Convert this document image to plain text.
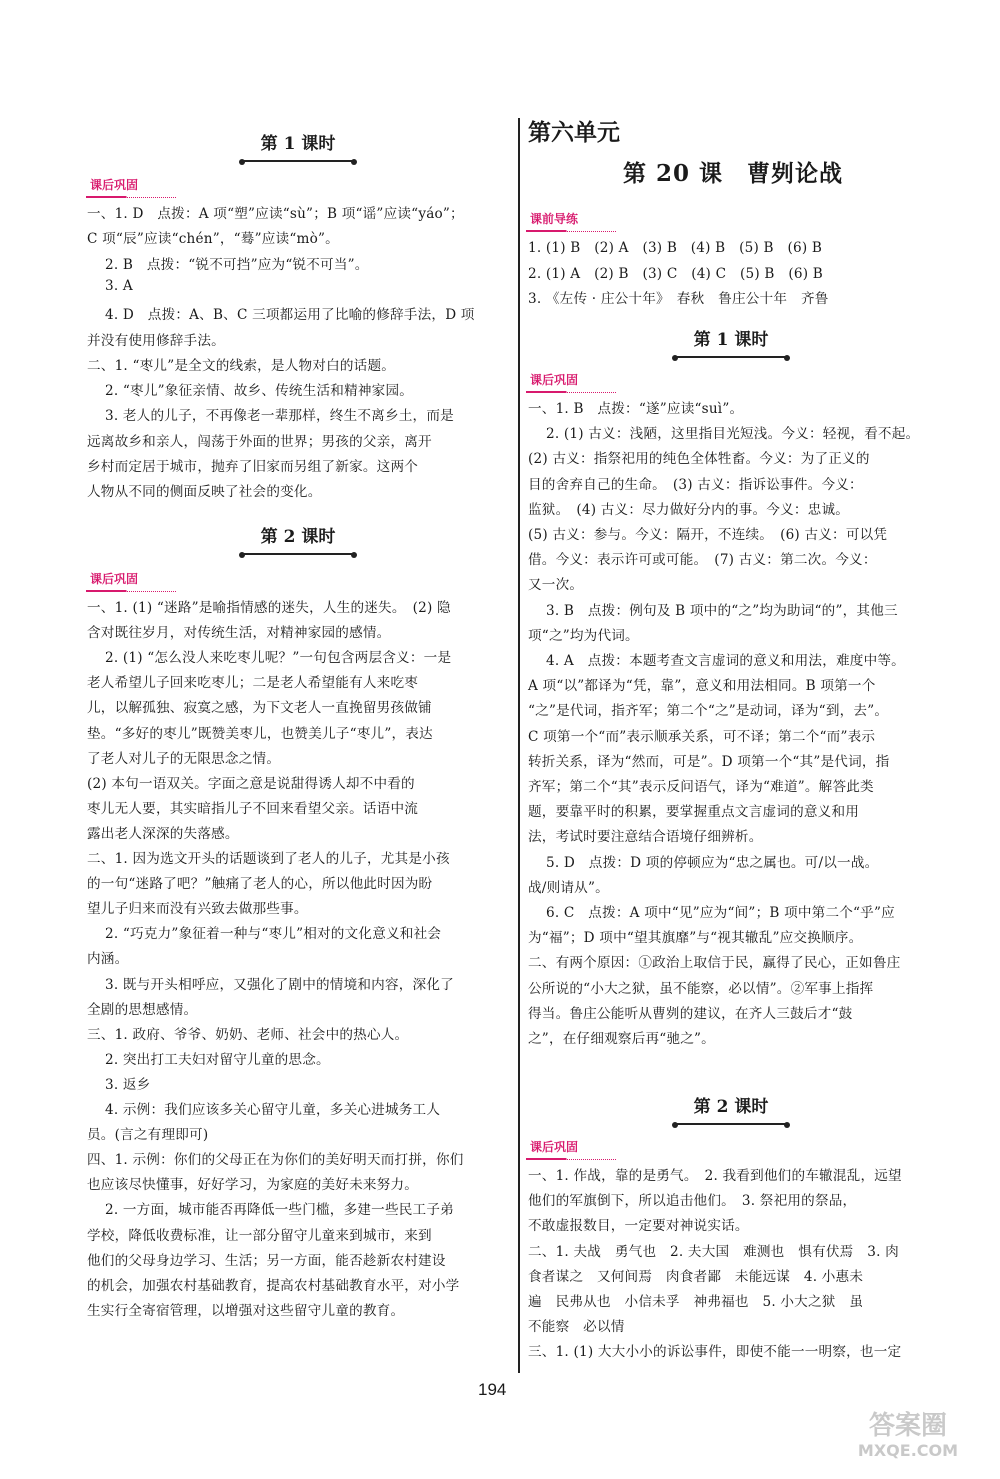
第 1 课时
课后巩固
一、1. D　点拨：A 项“塑”应读“sù”；B 项“谣”应读“yáo”；
C 项“辰”应读“chén”，“蓦”应读“mò”。
2. B　点拨：“锐不可挡”应为“锐不可当”。
3. A
4. D　点拨：A、B、C 三项都运用了比喻的修辞手法，D 项
并没有使用修辞手法。
二、1. “枣儿”是全文的线索，是人物对白的话题。
2. “枣儿”象征亲情、故乡、传统生活和精神家园。
3. 老人的儿子，不再像老一辈那样，终生不离乡土，而是
远离故乡和亲人，闯荡于外面的世界；男孩的父亲，离开
乡村而定居于城市，抛弃了旧家而另组了新家。这两个
人物从不同的侧面反映了社会的变化。
第 2 课时
课后巩固
一、1. (1) “迷路”是喻指情感的迷失，人生的迷失。　(2) 隐
含对既往岁月，对传统生活，对精神家园的感情。
2. (1) “怎么没人来吃枣儿呢？”一句包含两层含义：一是
老人希望儿子回来吃枣儿；二是老人希望能有人来吃枣
儿，以解孤独、寂寞之感，为下文老人一直挽留男孩做铺
垫。“多好的枣儿”既赞美枣儿，也赞美儿子“枣儿”，表达
了老人对儿子的无限思念之情。
(2) 本句一语双关。字面之意是说甜得诱人却不中看的
枣儿无人要，其实暗指儿子不回来看望父亲。话语中流
露出老人深深的失落感。
二、1. 因为选文开头的话题谈到了老人的儿子，尤其是小孩
的一句“迷路了吧？”触痛了老人的心，所以他此时因为盼
望儿子归来而没有兴致去做那些事。
2. “巧克力”象征着一种与“枣儿”相对的文化意义和社会
内涵。
3. 既与开头相呼应，又强化了剧中的情境和内容，深化了
全剧的思想感情。
三、1. 政府、爷爷、奶奶、老师、社会中的热心人。
2. 突出打工夫妇对留守儿童的思念。
3. 返乡
4. 示例：我们应该多关心留守儿童，多关心进城务工人
员。(言之有理即可)
四、1. 示例：你们的父母正在为你们的美好明天而打拼，你们
也应该尽快懂事，好好学习，为家庭的美好未来努力。
2. 一方面，城市能否再降低一些门槛，多建一些民工子弟
学校，降低收费标准，让一部分留守儿童来到城市，来到
他们的父母身边学习、生活；另一方面，能否趁新农村建设
的机会，加强农村基础教育，提高农村基础教育水平，对小学
生实行全寄宿管理，以增强对这些留守儿童的教育。
第六单元
第 20 课　曹刿论战
课前导练
1. (1) B　(2) A　(3) B　(4) B　(5) B　(6) B
2. (1) A　(2) B　(3) C　(4) C　(5) B　(6) B
3. 《左传 · 庄公十年》　春秋　鲁庄公十年　齐鲁
第 1 课时
课后巩固
一、1. B　点拨：“遂”应读“suì”。
2. (1) 古义：浅陋，这里指目光短浅。今义：轻视，看不起。
(2) 古义：指祭祀用的纯色全体牲畜。今义：为了正义的
目的舍弃自己的生命。　(3) 古义：指诉讼事件。今义：
监狱。　(4) 古义：尽力做好分内的事。今义：忠诚。
(5) 古义：参与。今义：隔开，不连续。　(6) 古义：可以凭
借。今义：表示许可或可能。　(7) 古义：第二次。今义：
又一次。
3. B　点拨：例句及 B 项中的“之”均为助词“的”，其他三
项“之”均为代词。
4. A　点拨：本题考查文言虚词的意义和用法，难度中等。
A 项“以”都译为“凭，靠”，意义和用法相同。B 项第一个
“之”是代词，指齐军；第二个“之”是动词，译为“到，去”。
C 项第一个“而”表示顺承关系，可不译；第二个“而”表示
转折关系，译为“然而，可是”。D 项第一个“其”是代词，指
齐军；第二个“其”表示反问语气，译为“难道”。解答此类
题，要靠平时的积累，要掌握重点文言虚词的意义和用
法，考试时要注意结合语境仔细辨析。
5. D　点拨：D 项的停顿应为“忠之属也。可/以一战。
战/则请从”。
6. C　点拨：A 项中“见”应为“间”；B 项中第二个“乎”应
为“福”；D 项中“望其旗靡”与“视其辙乱”应交换顺序。
二、有两个原因：①政治上取信于民，赢得了民心，正如鲁庄
公所说的“小大之狱，虽不能察，必以情”。②军事上指挥
得当。鲁庄公能听从曹刿的建议，在齐人三鼓后才“鼓
之”，在仔细观察后再“驰之”。
第 2 课时
课后巩固
一、1. 作战，靠的是勇气。　2. 我看到他们的车辙混乱，远望
他们的军旗倒下，所以追击他们。　3. 祭祀用的祭品，
不敢虚报数目，一定要对神说实话。
二、1. 夫战　勇气也　2. 夫大国　难测也　惧有伏焉　3. 肉
食者谋之　又何间焉　肉食者鄙　未能远谋　4. 小惠未
遍　民弗从也　小信未孚　神弗福也　5. 小大之狱　虽
不能察　必以情
三、1. (1) 大大小小的诉讼事件，即使不能一一明察，也一定
194
答案圈
MXQE.COM
